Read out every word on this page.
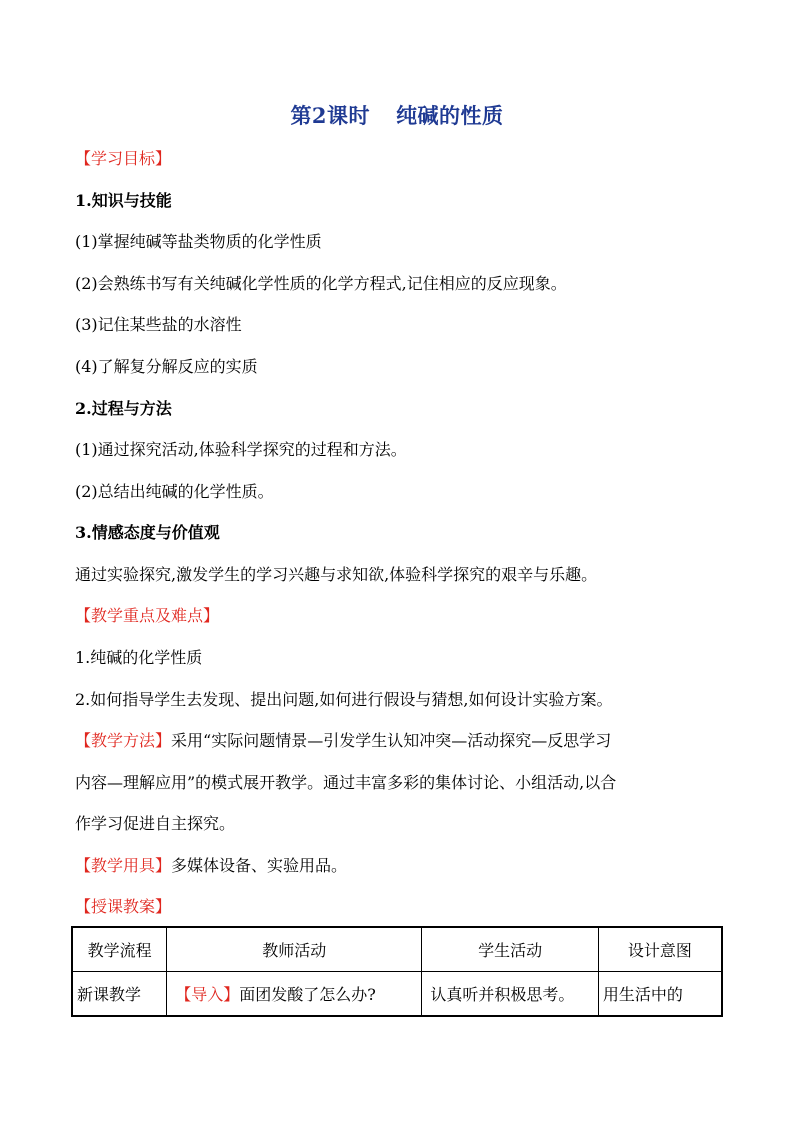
第2课时 纯碱的性质
【学习目标】
1.知识与技能
(1)掌握纯碱等盐类物质的化学性质
(2)会熟练书写有关纯碱化学性质的化学方程式,记住相应的反应现象。
(3)记住某些盐的水溶性
(4)了解复分解反应的实质
2.过程与方法
(1)通过探究活动,体验科学探究的过程和方法。
(2)总结出纯碱的化学性质。
3.情感态度与价值观
通过实验探究,激发学生的学习兴趣与求知欲,体验科学探究的艰辛与乐趣。
【教学重点及难点】
1.纯碱的化学性质
2.如何指导学生去发现、提出问题,如何进行假设与猜想,如何设计实验方案。
【教学方法】采用“实际问题情景—引发学生认知冲突—活动探究—反思学习
内容—理解应用”的模式展开教学。通过丰富多彩的集体讨论、小组活动,以合
作学习促进自主探究。
【教学用具】多媒体设备、实验用品。
【授课教案】
教学流程	教师活动	学生活动	设计意图
新课教学	【导入】面团发酸了怎么办?	认真听并积极思考。	用生活中的
